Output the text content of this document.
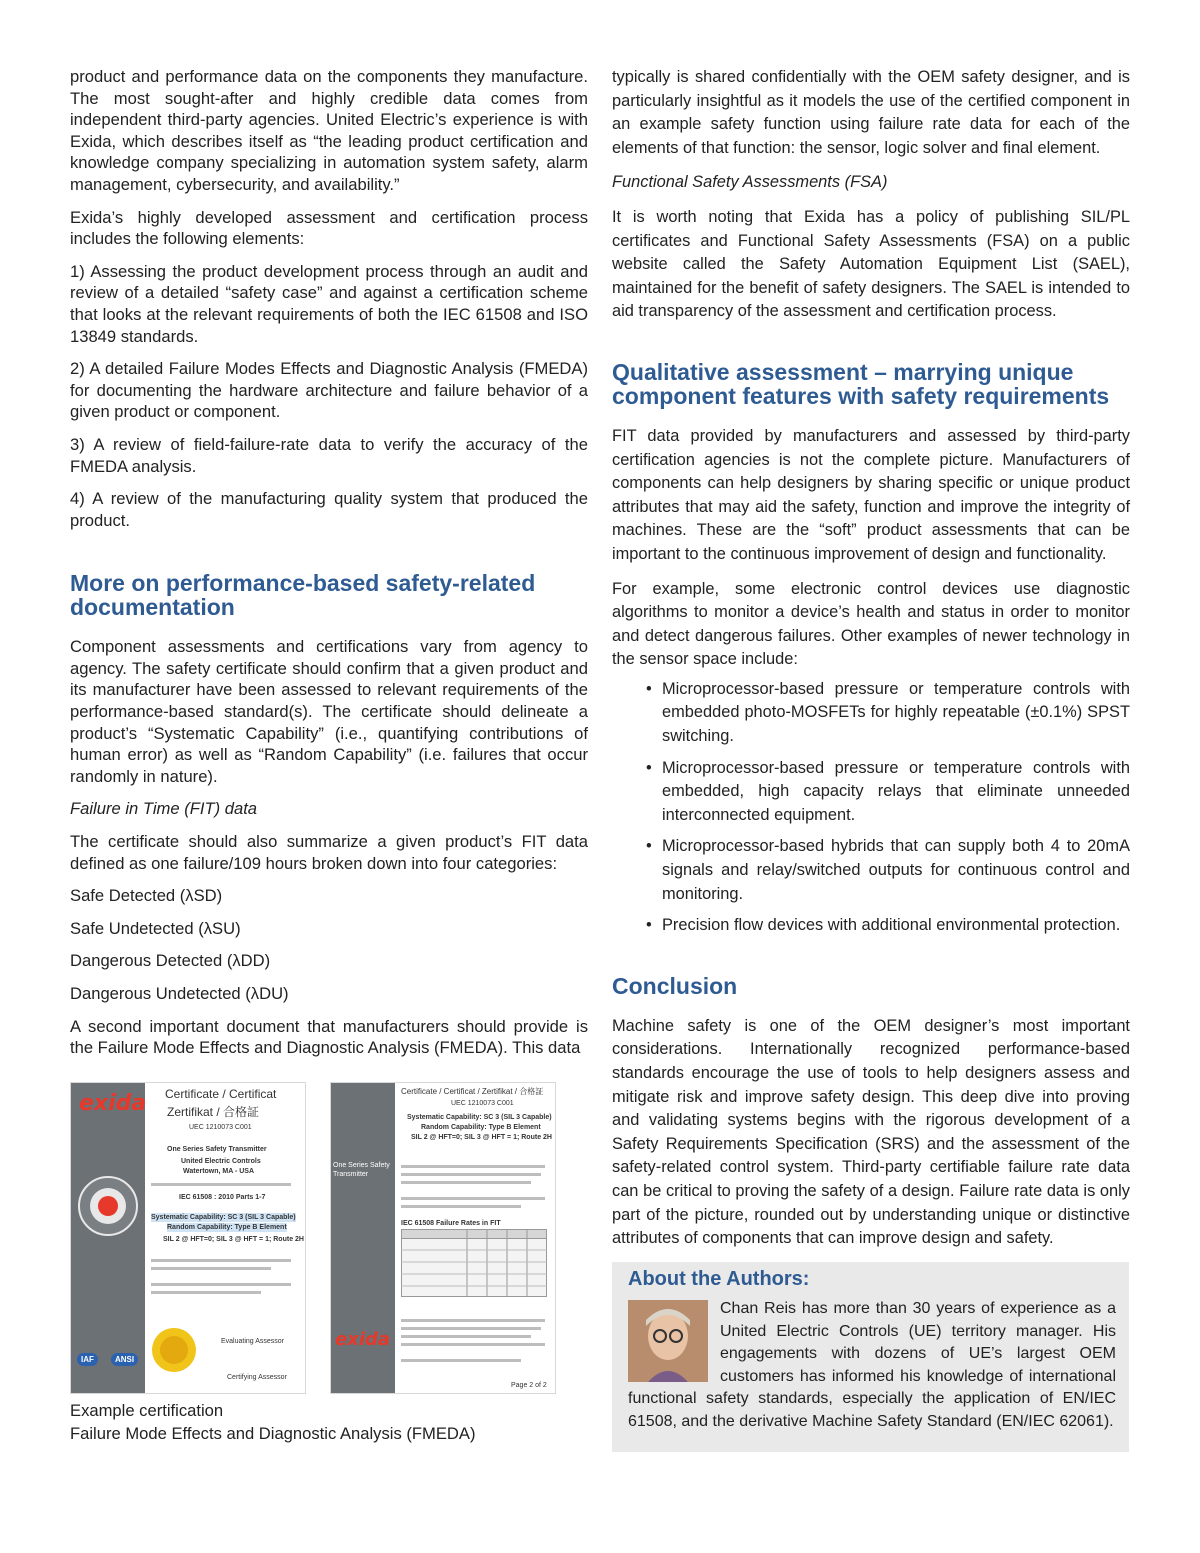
product and performance data on the components they manufacture. The most sought-after and highly credible data comes from independent third-party agencies. United Electric’s experience is with Exida, which describes itself as “the leading product certification and knowledge company specializing in automation system safety, alarm management, cybersecurity, and availability.”

Exida’s highly developed assessment and certification process includes the following elements:

1) Assessing the product development process through an audit and review of a detailed “safety case” and against a certification scheme that looks at the relevant requirements of both the IEC 61508 and ISO 13849 standards.

2) A detailed Failure Modes Effects and Diagnostic Analysis (FMEDA) for documenting the hardware architecture and failure behavior of a given product or component.

3) A review of field-failure-rate data to verify the accuracy of the FMEDA analysis.

4) A review of the manufacturing quality system that produced the product.

More on performance-based safety-related documentation

Component assessments and certifications vary from agency to agency. The safety certificate should confirm that a given product and its manufacturer have been assessed to relevant requirements of the performance-based standard(s). The certificate should delineate a product’s “Systematic Capability” (i.e., quantifying contributions of human error) as well as “Random Capability” (i.e. failures that occur randomly in nature).

Failure in Time (FIT) data

The certificate should also summarize a given product’s FIT data defined as one failure/109 hours broken down into four categories:

Safe Detected (λSD)

Safe Undetected (λSU)

Dangerous Detected (λDD)

Dangerous Undetected (λDU)

A second important document that manufacturers should provide is the Failure Mode Effects and Diagnostic Analysis (FMEDA). This data

exida
IAF	ANSI
Certificate / Certificat
Zertifikat / 合格証
UEC 1210073 C001
One Series Safety Transmitter
United Electric Controls
Watertown, MA - USA
IEC 61508 : 2010 Parts 1-7
Systematic Capability: SC 3 (SIL 3 Capable)
Random Capability: Type B Element
SIL 2 @ HFT=0; SIL 3 @ HFT = 1; Route 2H
Evaluating Assessor
Certifying Assessor
One Series Safety Transmitter
exida
Certificate / Certificat / Zertifikat / 合格証
UEC 1210073 C001
Systematic Capability: SC 3 (SIL 3 Capable)
Random Capability: Type B Element
SIL 2 @ HFT=0; SIL 3 @ HFT = 1; Route 2H
IEC 61508 Failure Rates in FIT
Page 2 of 2
Example certification
Failure Mode Effects and Diagnostic Analysis (FMEDA)

typically is shared confidentially with the OEM safety designer, and is particularly insightful as it models the use of the certified component in an example safety function using failure rate data for each of the elements of that function: the sensor, logic solver and final element.

Functional Safety Assessments (FSA)

It is worth noting that Exida has a policy of publishing SIL/PL certificates and Functional Safety Assessments (FSA) on a public website called the Safety Automation Equipment List (SAEL), maintained for the benefit of safety designers. The SAEL is intended to aid transparency of the assessment and certification process.

Qualitative assessment – marrying unique component features with safety requirements

FIT data provided by manufacturers and assessed by third-party certification agencies is not the complete picture. Manufacturers of components can help designers by sharing specific or unique product attributes that may aid the safety, function and improve the integrity of machines. These are the “soft” product assessments that can be important to the continuous improvement of design and functionality.

For example, some electronic control devices use diagnostic algorithms to monitor a device’s health and status in order to monitor and detect dangerous failures. Other examples of newer technology in the sensor space include:

• Microprocessor-based pressure or temperature controls with embedded photo-MOSFETs for highly repeatable (±0.1%) SPST switching.
• Microprocessor-based pressure or temperature controls with embedded, high capacity relays that eliminate unneeded interconnected equipment.
• Microprocessor-based hybrids that can supply both 4 to 20mA signals and relay/switched outputs for continuous control and monitoring.
• Precision flow devices with additional environmental protection.
Conclusion

Machine safety is one of the OEM designer’s most important considerations. Internationally recognized performance-based standards encourage the use of tools to help designers assess and mitigate risk and improve safety design. This deep dive into proving and validating systems begins with the rigorous development of a Safety Requirements Specification (SRS) and the assessment of the safety-related control system. Third-party certifiable failure rate data can be critical to proving the safety of a design. Failure rate data is only part of the picture, rounded out by understanding unique or distinctive attributes of components that can improve design and safety.

About the Authors:
Chan Reis has more than 30 years of experience as a United Electric Controls (UE) territory manager. His engagements with dozens of UE’s largest OEM customers has informed his knowledge of international functional safety standards, especially the application of EN/IEC 61508, and the derivative Machine Safety Standard (EN/IEC 62061).
